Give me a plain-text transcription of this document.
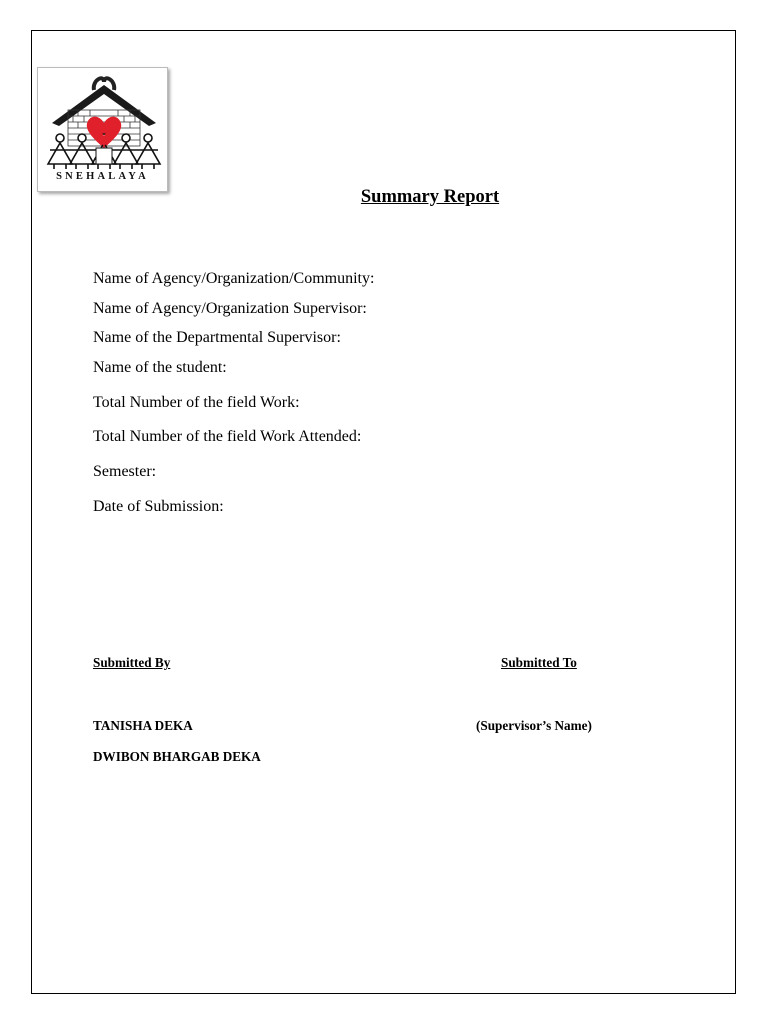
SNEHALAYA
Summary Report
Name of Agency/Organization/Community:
Name of Agency/Organization Supervisor:
Name of the Departmental Supervisor:
Name of the student:
Total Number of the field Work:
Total Number of the field Work Attended:
Semester:
Date of Submission:
Submitted By	Submitted To
TANISHA DEKA	(Supervisor’s Name)
DWIBON BHARGAB DEKA
